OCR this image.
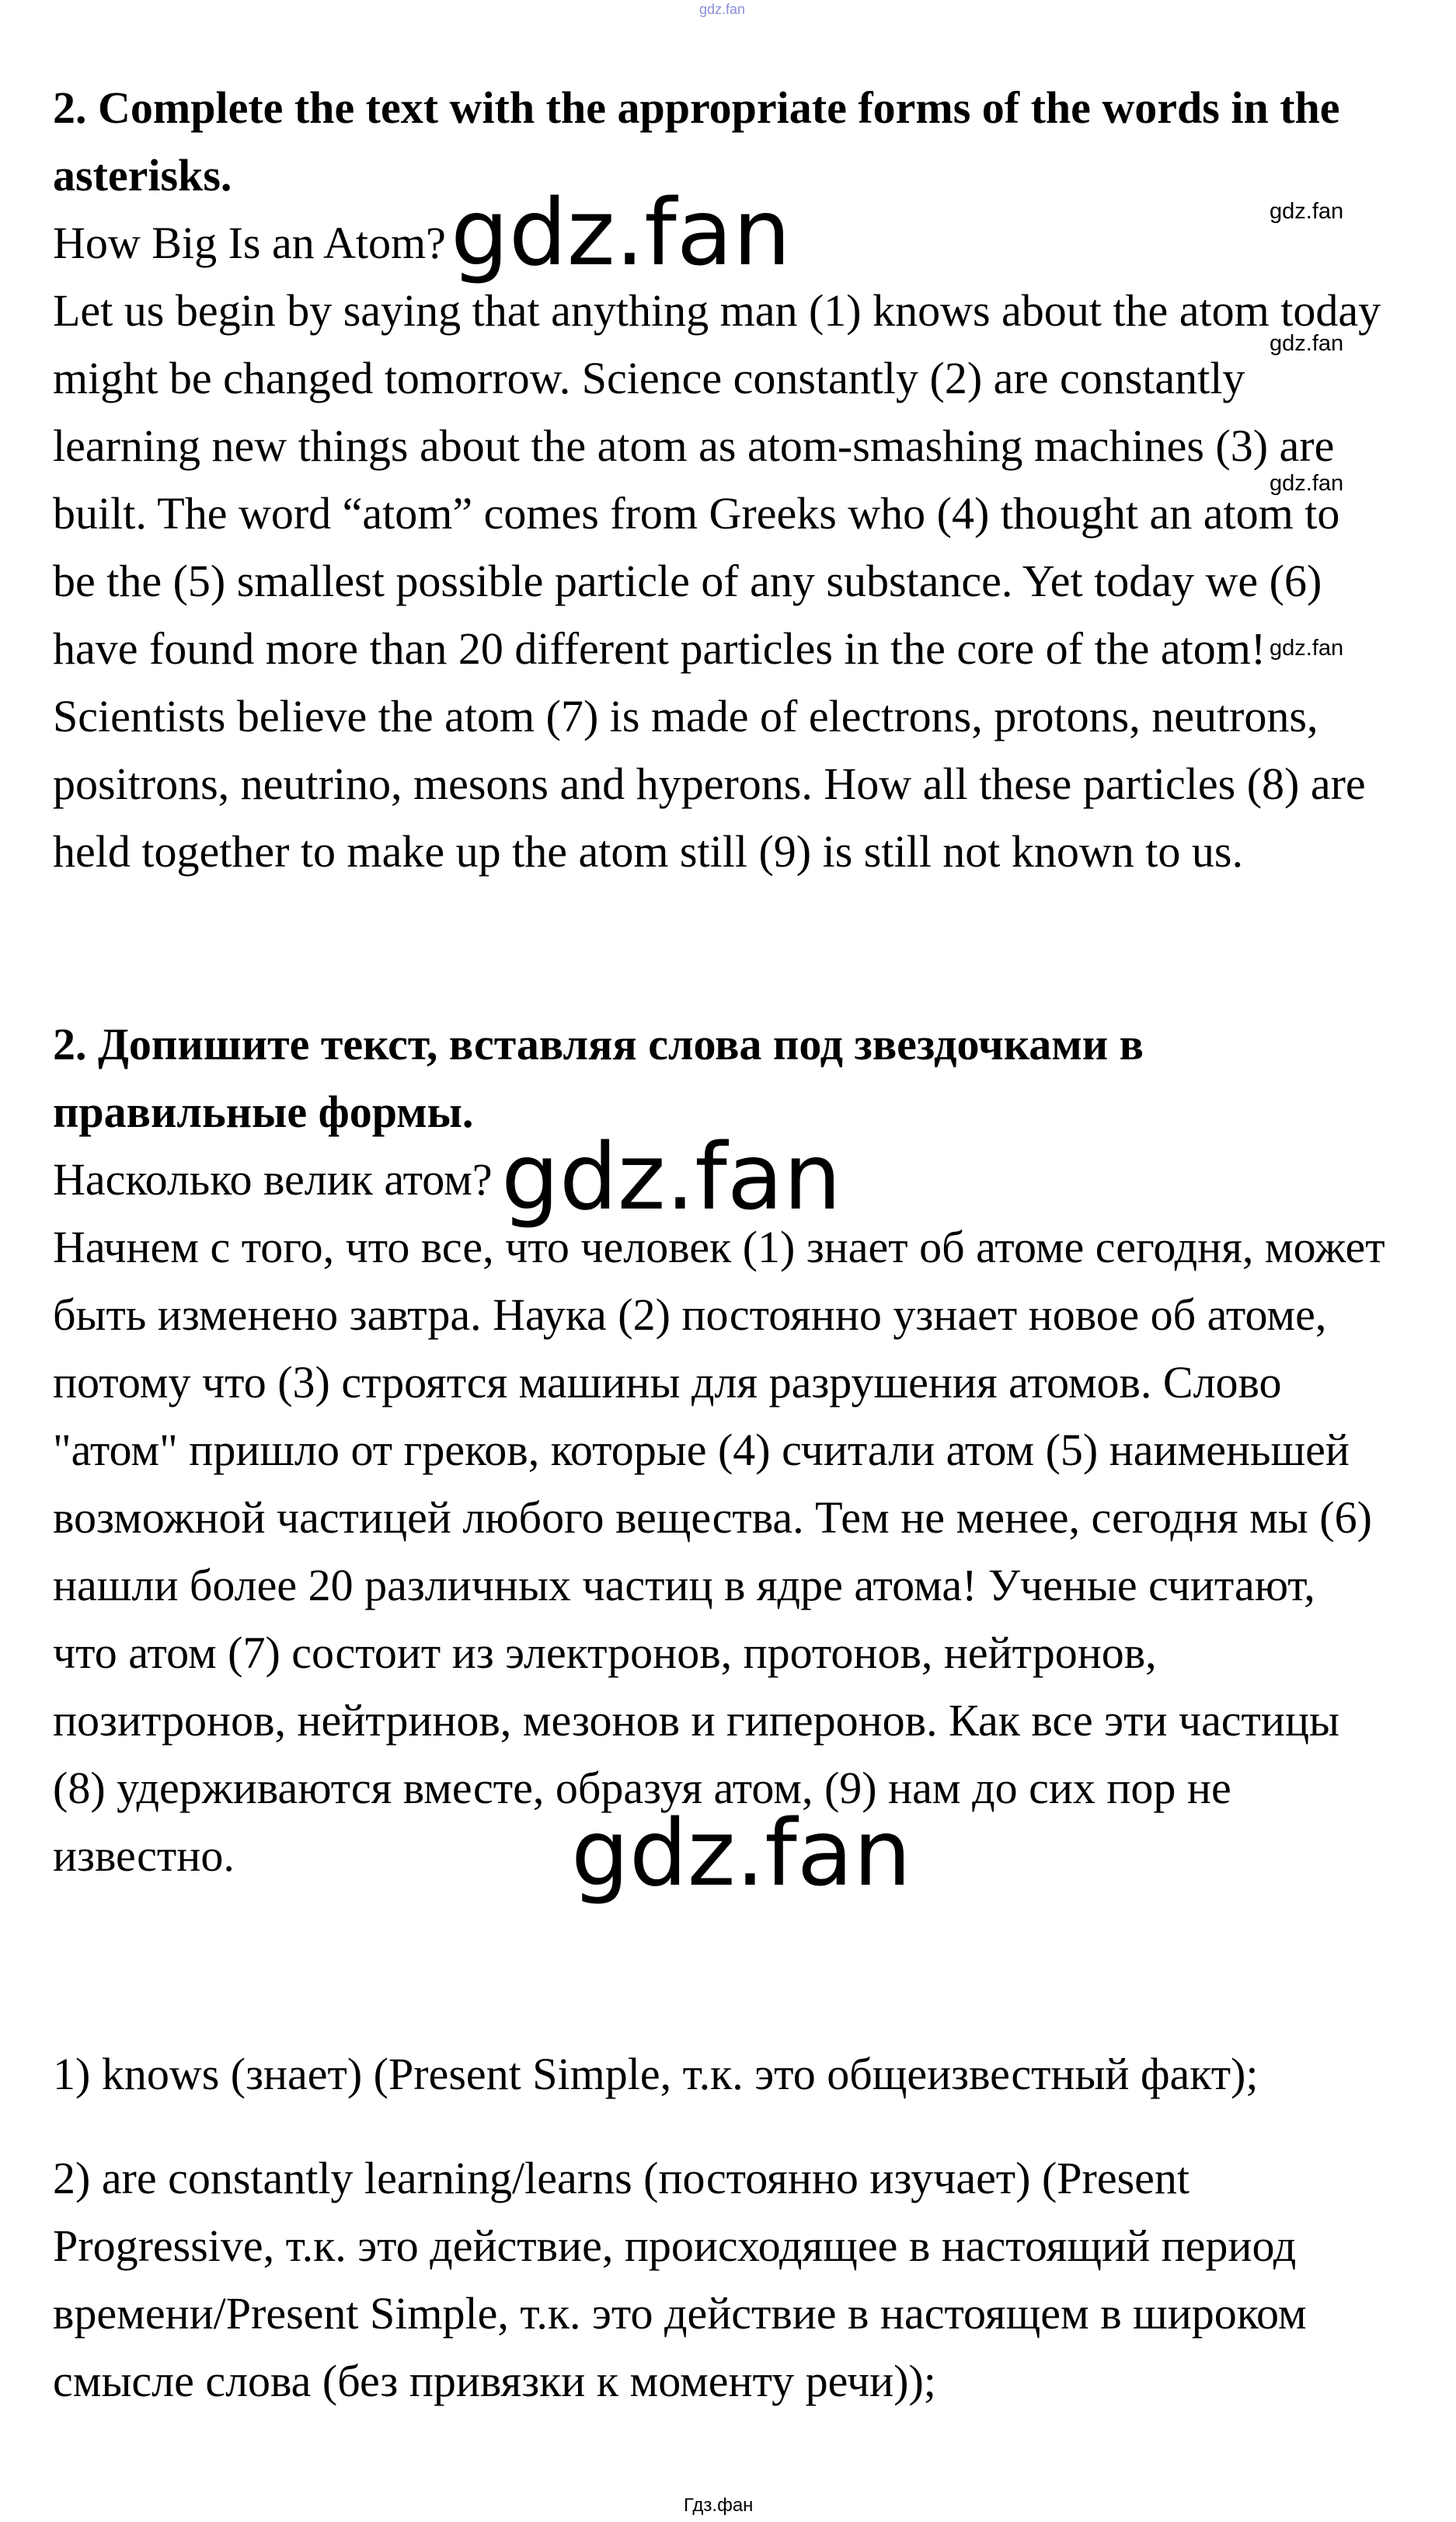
gdz.fan
2. Complete the text with the appropriate forms of the words in the asterisks.
How Big Is an Atom?
Let us begin by saying that anything man (1) knows about the atom today might be changed tomorrow. Science constantly (2) are constantly learning new things about the atom as atom-smashing machines (3) are built. The word “atom” comes from Greeks who (4) thought an atom to be the (5) smallest possible particle of any substance. Yet today we (6) have found more than 20 different particles in the core of the atom! Scientists believe the atom (7) is made of electrons, protons, neutrons, positrons, neutrino, mesons and hyperons. How all these particles (8) are held together to make up the atom still (9) is still not known to us.
2. Допишите текст, вставляя слова под звездочками в правильные формы.
Насколько велик атом?
Начнем с того, что все, что человек (1) знает об атоме сегодня, может быть изменено завтра. Наука (2) постоянно узнает новое об атоме, потому что (3) строятся машины для разрушения атомов. Слово "атом" пришло от греков, которые (4) считали атом (5) наименьшей возможной частицей любого вещества. Тем не менее, сегодня мы (6) нашли более 20 различных частиц в ядре атома! Ученые считают, что атом (7) состоит из электронов, протонов, нейтронов, позитронов, нейтринов, мезонов и гиперонов. Как все эти частицы (8) удерживаются вместе, образуя атом, (9) нам до сих пор не известно.

1) knows (знает) (Present Simple, т.к. это общеизвестный факт);

2) are constantly learning/learns (постоянно изучает) (Present Progressive, т.к. это действие, происходящее в настоящий период времени/Present Simple, т.к. это действие в настоящем в широком смысле слова (без привязки к моменту речи));

gdz.fan
gdz.fan
gdz.fan
gdz.fan
gdz.fan
gdz.fan
gdz.fan
Гдз.фан
